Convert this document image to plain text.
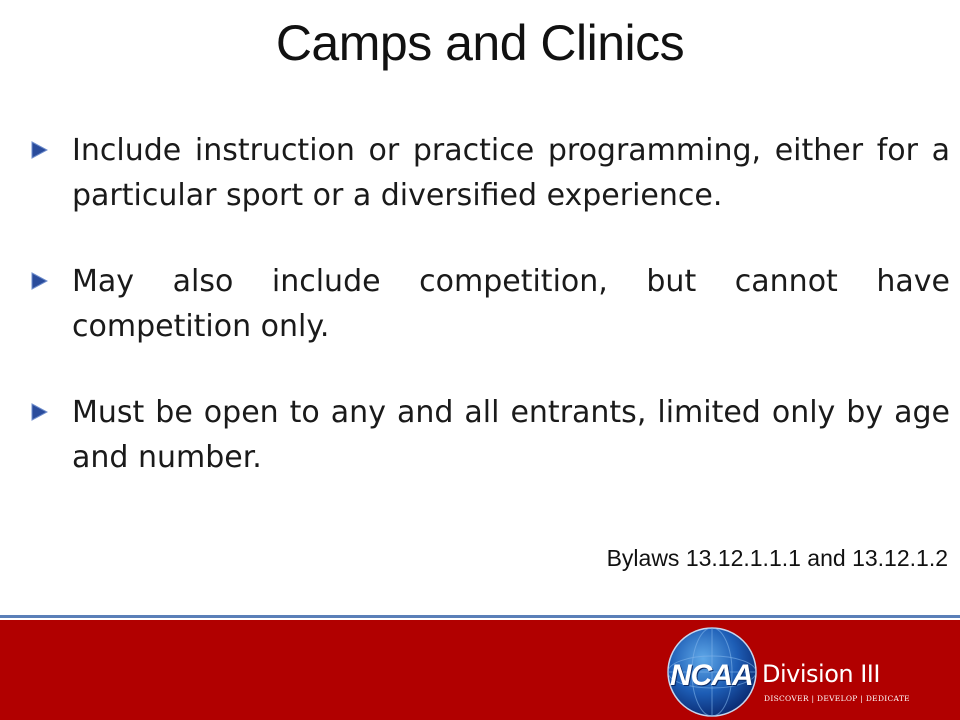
Camps and Clinics
Include instruction or practice programming, either for a particular sport or a diversified experience.
May also include competition, but cannot have competition only.
Must be open to any and all entrants, limited only by age and number.
Bylaws 13.12.1.1.1 and 13.12.1.2
NCAA Division III
DISCOVER | DEVELOP | DEDICATE
